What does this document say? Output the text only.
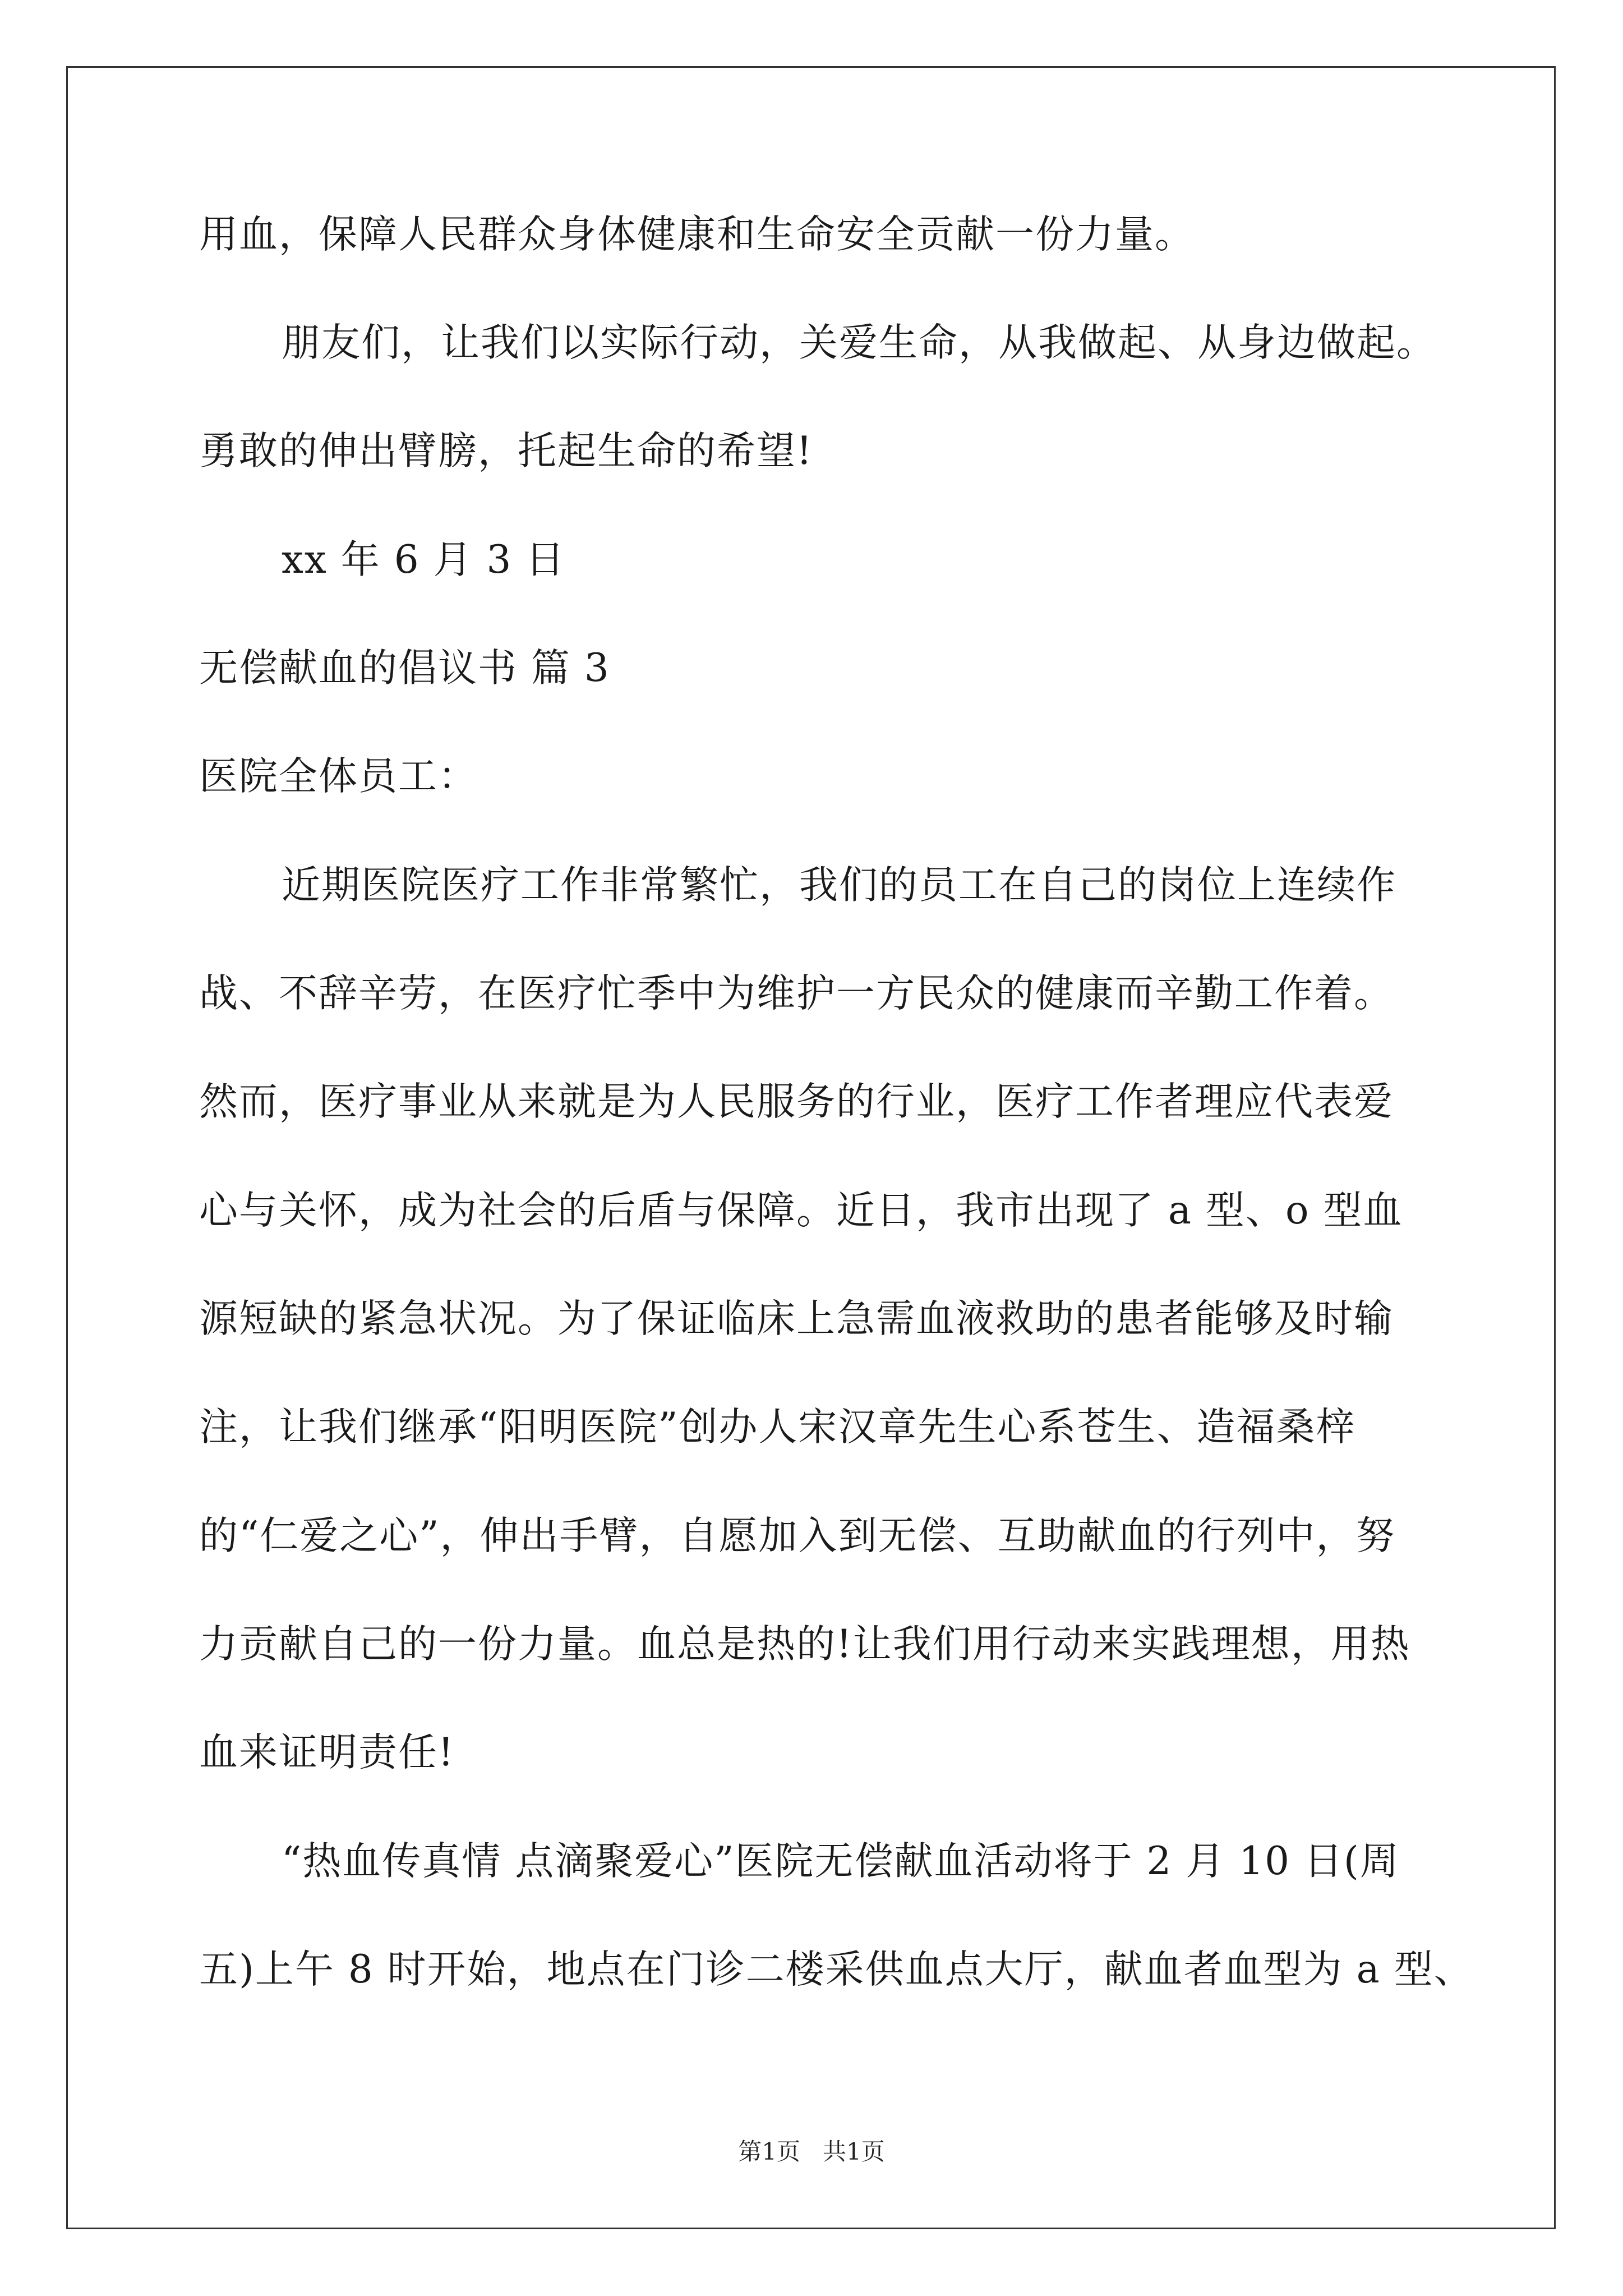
用血，保障人民群众身体健康和生命安全贡献一份力量。
朋友们，让我们以实际行动，关爱生命，从我做起、从身边做起。
勇敢的伸出臂膀，托起生命的希望!
xx 年 6 月 3 日
无偿献血的倡议书 篇 3
医院全体员工：
近期医院医疗工作非常繁忙，我们的员工在自己的岗位上连续作
战、不辞辛劳，在医疗忙季中为维护一方民众的健康而辛勤工作着。
然而，医疗事业从来就是为人民服务的行业，医疗工作者理应代表爱
心与关怀，成为社会的后盾与保障。近日，我市出现了 a 型、o 型血
源短缺的紧急状况。为了保证临床上急需血液救助的患者能够及时输
注，让我们继承“阳明医院”创办人宋汉章先生心系苍生、造福桑梓
的“仁爱之心”，伸出手臂，自愿加入到无偿、互助献血的行列中，努
力贡献自己的一份力量。血总是热的!让我们用行动来实践理想，用热
血来证明责任!
“热血传真情 点滴聚爱心”医院无偿献血活动将于 2 月 10 日(周
五)上午 8 时开始，地点在门诊二楼采供血点大厅，献血者血型为 a 型、
第1页   共1页
